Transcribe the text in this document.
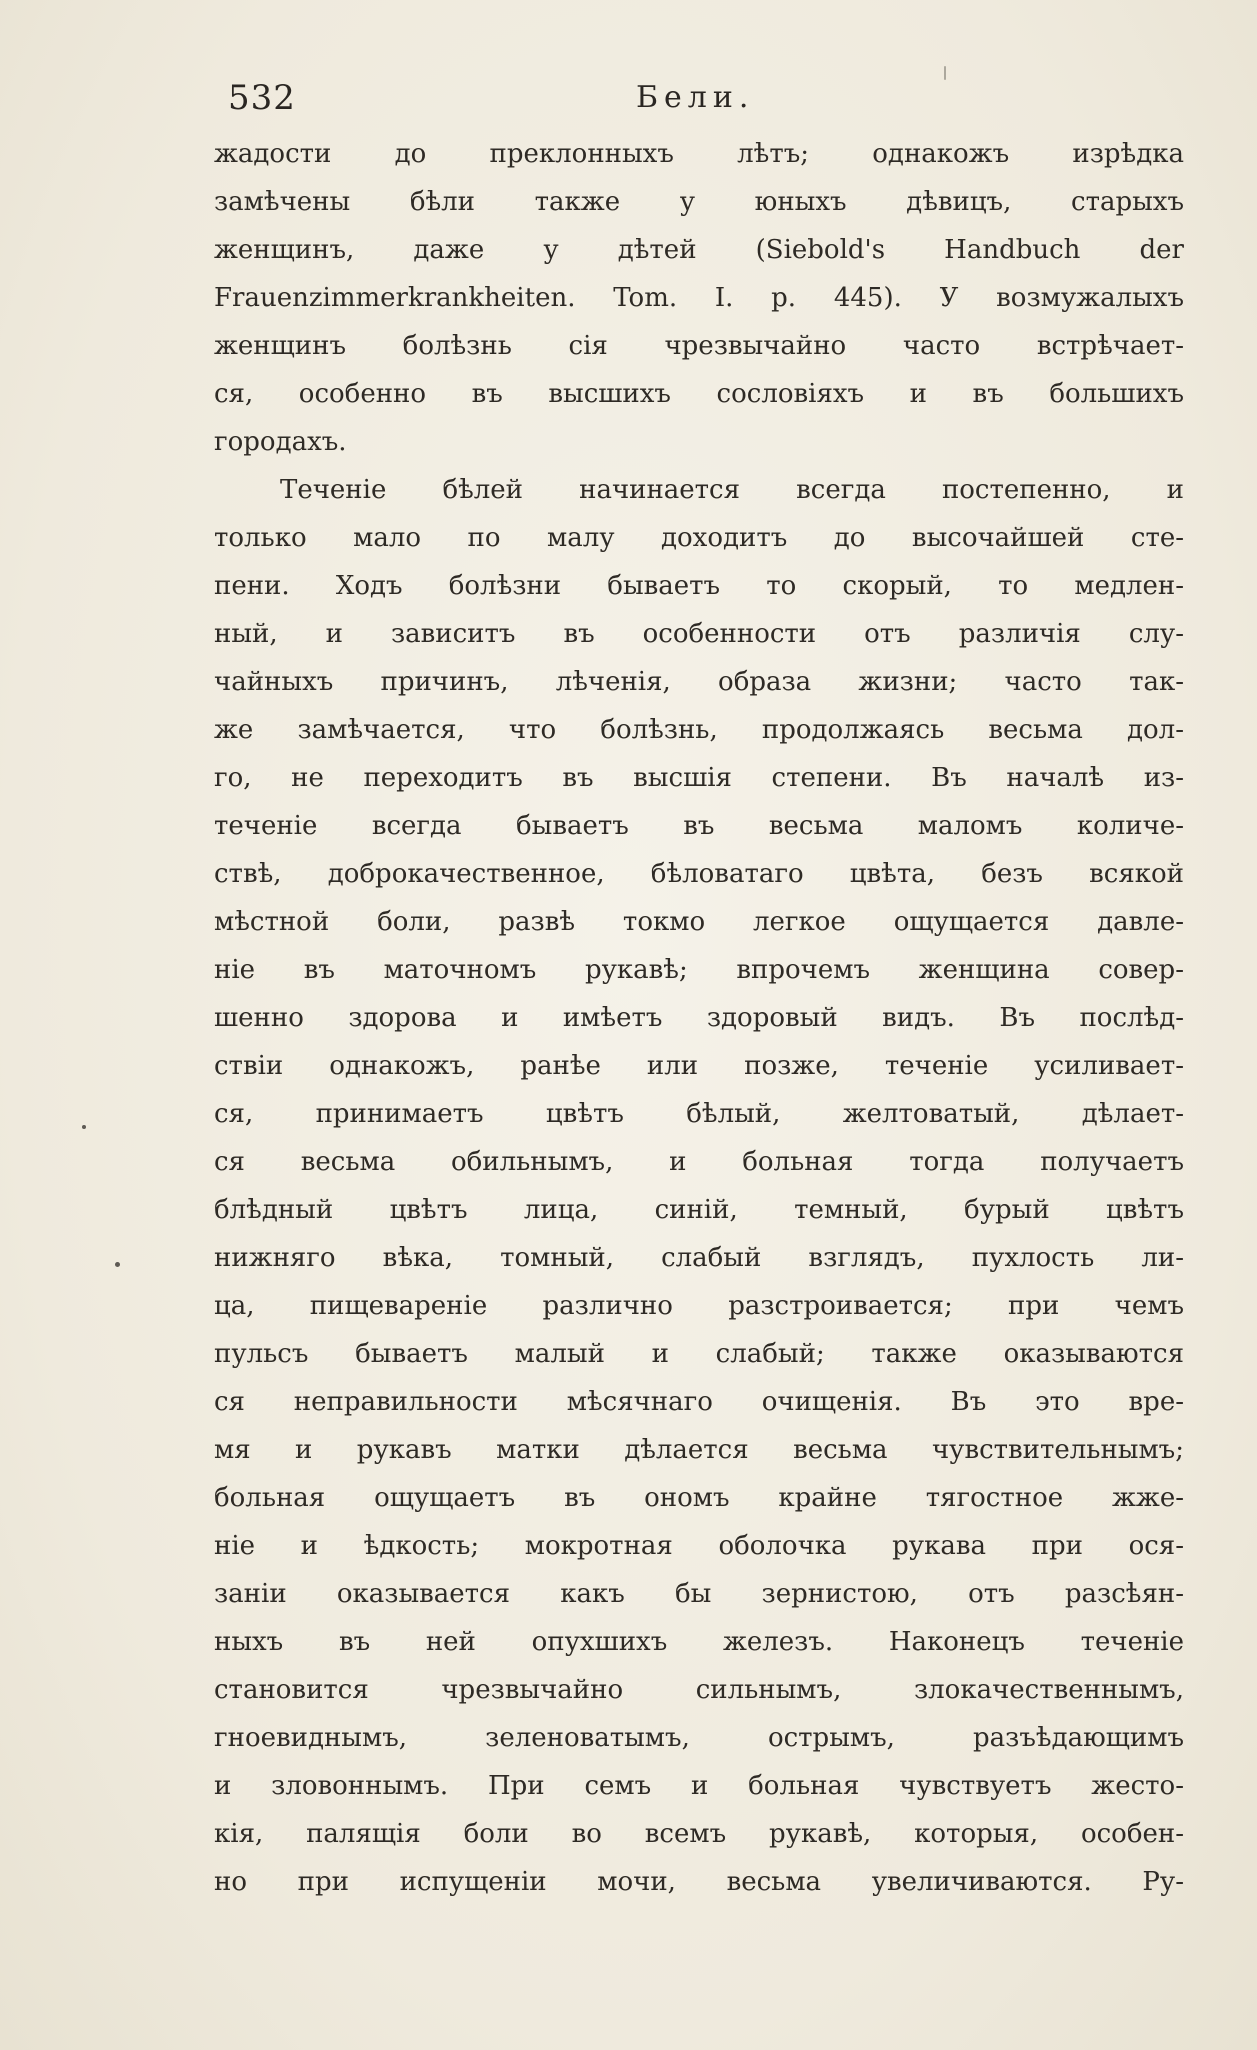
532	Бели.
жадости до преклонныхъ лѣтъ; однакожъ изрѣдка
замѣчены бѣли также у юныхъ дѣвицъ, старыхъ
женщинъ, даже у дѣтей (Siebold's Handbuch der
Frauenzimmerkrankheiten. Tom. I. p. 445). У возмужалыхъ
женщинъ болѣзнь сія чрезвычайно часто встрѣчает-
ся, особенно въ высшихъ сословіяхъ и въ большихъ
городахъ.
Теченіе бѣлей начинается всегда постепенно, и
только мало по малу доходитъ до высочайшей сте-
пени. Ходъ болѣзни бываетъ то скорый, то медлен-
ный, и зависитъ въ особенности отъ различія слу-
чайныхъ причинъ, лѣченія, образа жизни; часто так-
же замѣчается, что болѣзнь, продолжаясь весьма дол-
го, не переходитъ въ высшія степени. Въ началѣ из-
теченіе всегда бываетъ въ весьма маломъ количе-
ствѣ, доброкачественное, бѣловатаго цвѣта, безъ всякой
мѣстной боли, развѣ токмо легкое ощущается давле-
ніе въ маточномъ рукавѣ; впрочемъ женщина совер-
шенно здорова и имѣетъ здоровый видъ. Въ послѣд-
ствіи однакожъ, ранѣе или позже, теченіе усиливает-
ся, принимаетъ цвѣтъ бѣлый, желтоватый, дѣлает-
ся весьма обильнымъ, и больная тогда получаетъ
блѣдный цвѣтъ лица, синій, темный, бурый цвѣтъ
нижняго вѣка, томный, слабый взглядъ, пухлость ли-
ца, пищевареніе различно разстроивается; при чемъ
пульсъ бываетъ малый и слабый; также оказываются
ся неправильности мѣсячнаго очищенія. Въ это вре-
мя и рукавъ матки дѣлается весьма чувствительнымъ;
больная ощущаетъ въ ономъ крайне тягостное жже-
ніе и ѣдкость; мокротная оболочка рукава при ося-
заніи оказывается какъ бы зернистою, отъ разсѣян-
ныхъ въ ней опухшихъ железъ. Наконецъ теченіе
становится чрезвычайно сильнымъ, злокачественнымъ,
гноевиднымъ, зеленоватымъ, острымъ, разъѣдающимъ
и зловоннымъ. При семъ и больная чувствуетъ жесто-
кія, палящія боли во всемъ рукавѣ, которыя, особен-
но при испущеніи мочи, весьма увеличиваются. Ру-
